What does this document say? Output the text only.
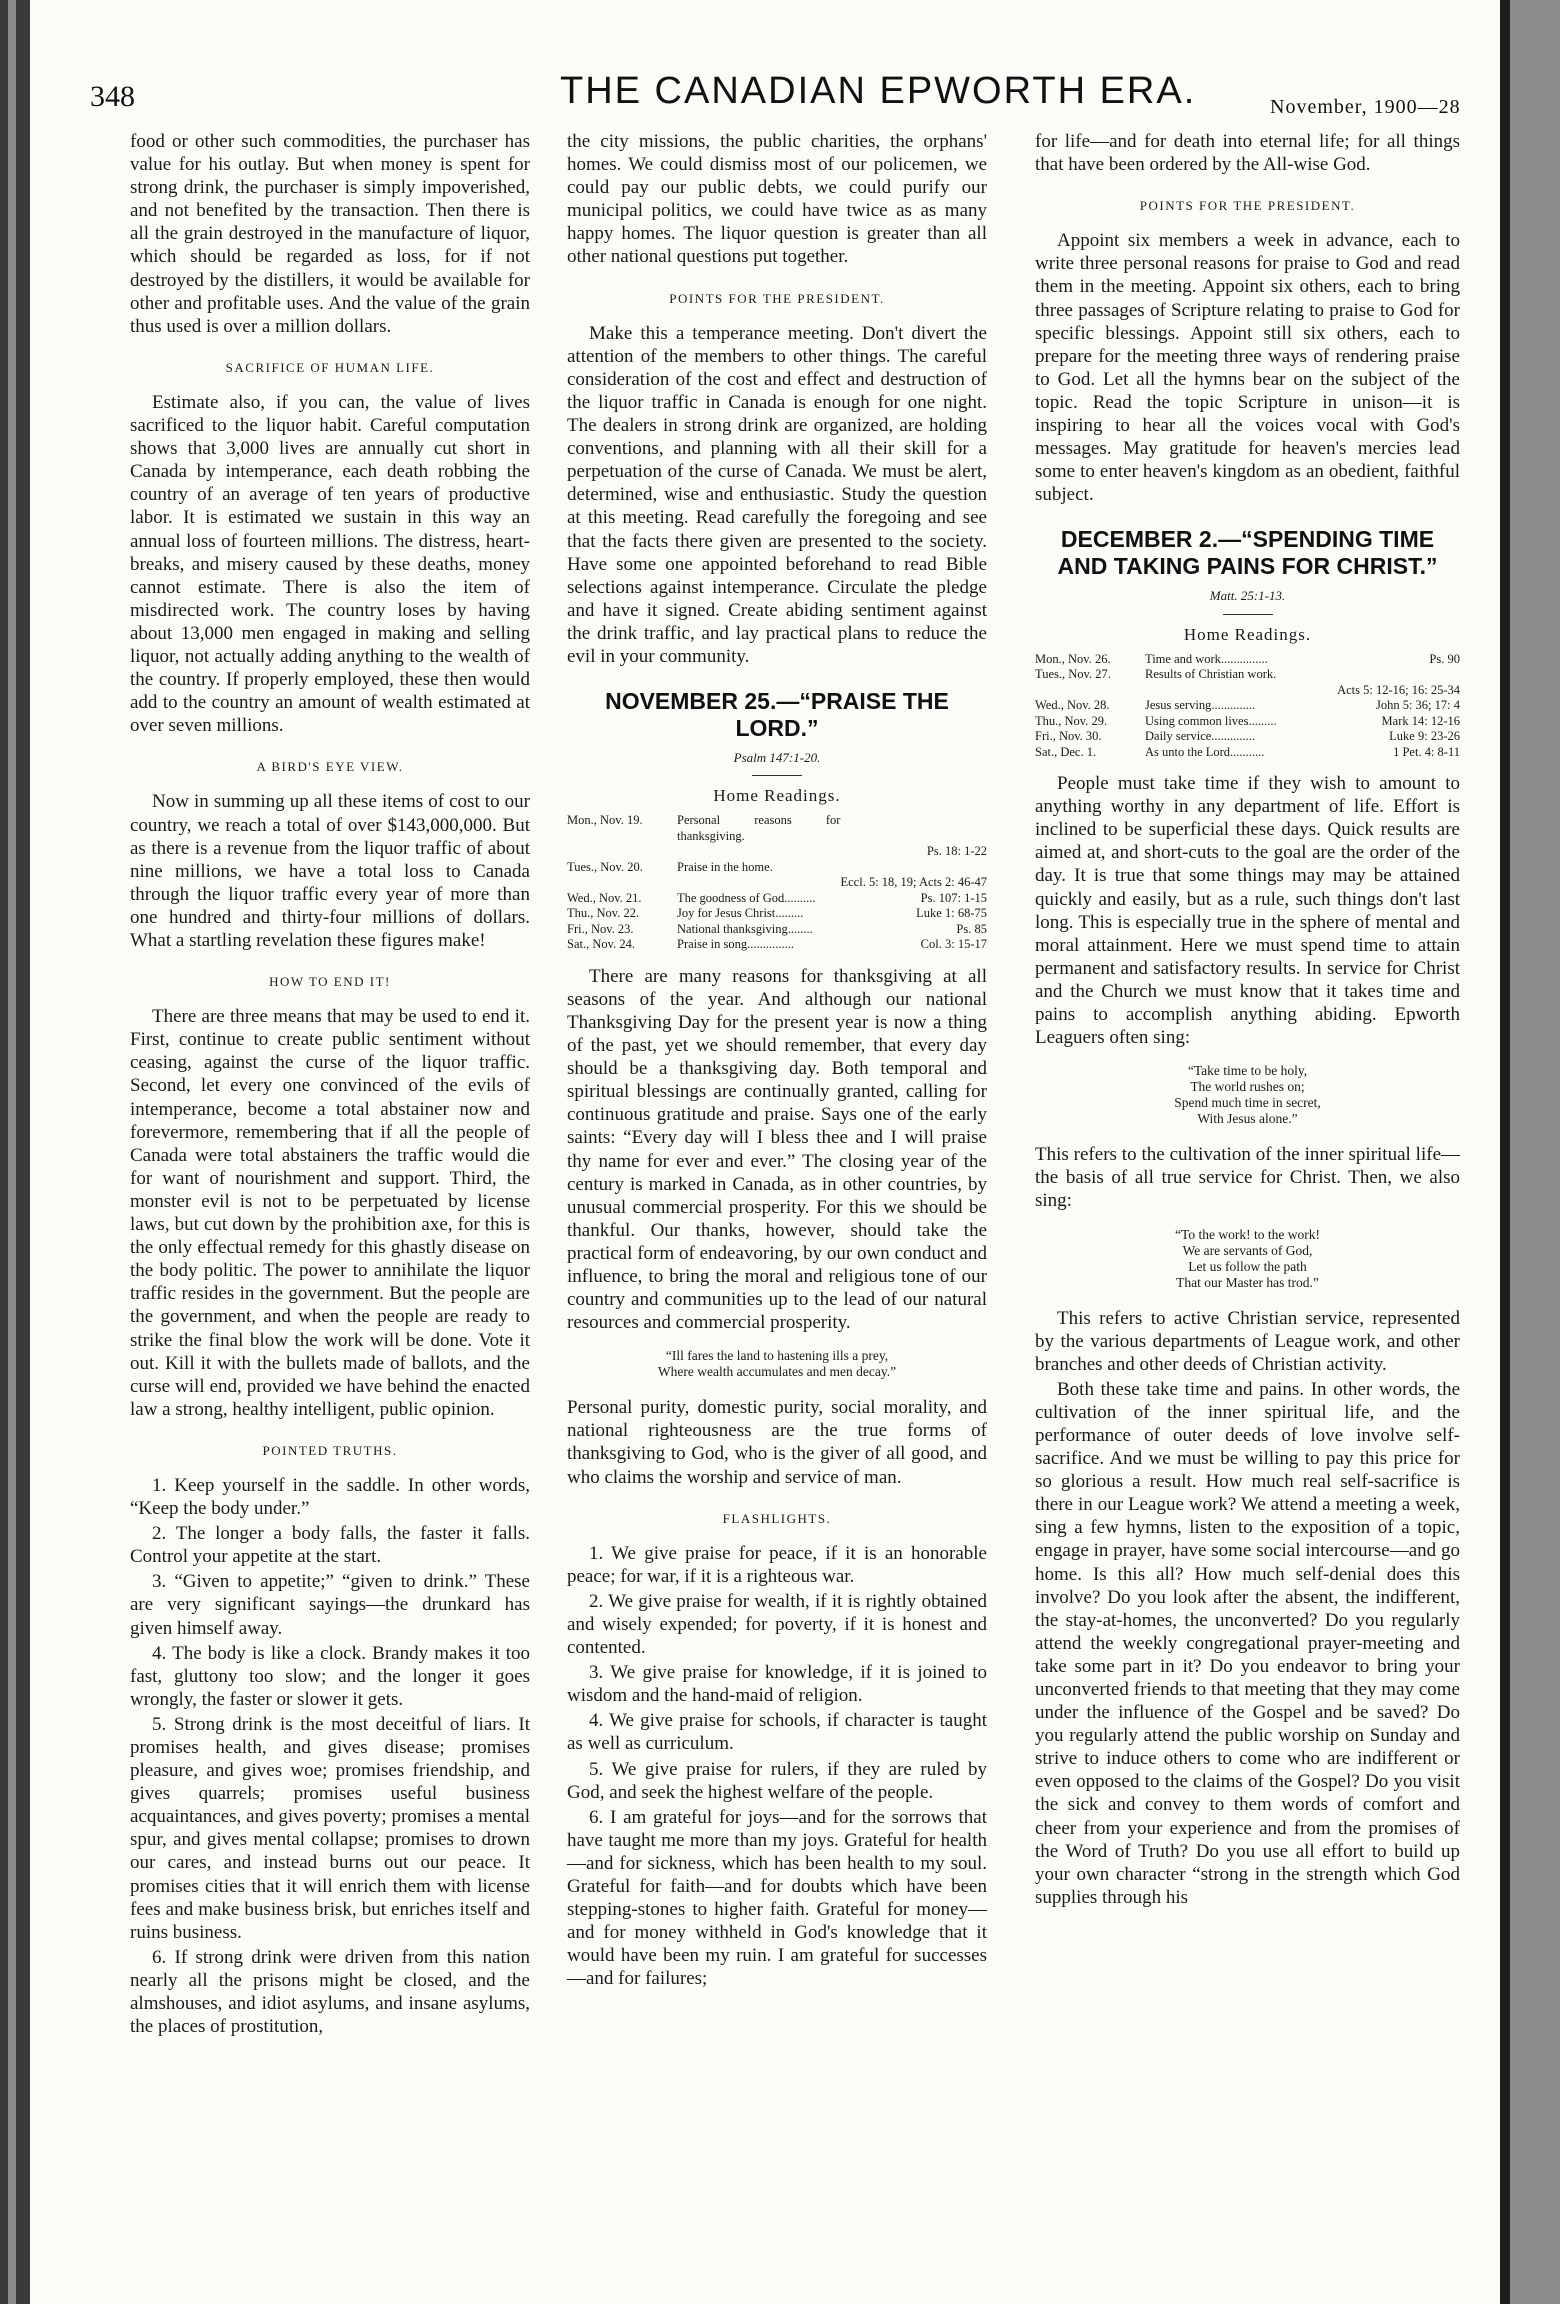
348	THE CANADIAN EPWORTH ERA.	November, 1900—28

food or other such commodities, the purchaser has value for his outlay. But when money is spent for strong drink, the purchaser is simply impoverished, and not benefited by the transaction. Then there is all the grain destroyed in the manufacture of liquor, which should be regarded as loss, for if not destroyed by the distillers, it would be available for other and profitable uses. And the value of the grain thus used is over a million dollars.

SACRIFICE OF HUMAN LIFE.

Estimate also, if you can, the value of lives sacrificed to the liquor habit. Careful computation shows that 3,000 lives are annually cut short in Canada by intemperance, each death robbing the country of an average of ten years of productive labor. It is estimated we sustain in this way an annual loss of fourteen millions. The distress, heart-breaks, and misery caused by these deaths, money cannot estimate. There is also the item of misdirected work. The country loses by having about 13,000 men engaged in making and selling liquor, not actually adding anything to the wealth of the country. If properly employed, these then would add to the country an amount of wealth estimated at over seven millions.

A BIRD'S EYE VIEW.

Now in summing up all these items of cost to our country, we reach a total of over $143,000,000. But as there is a revenue from the liquor traffic of about nine millions, we have a total loss to Canada through the liquor traffic every year of more than one hundred and thirty-four millions of dollars. What a startling revelation these figures make!

HOW TO END IT!

There are three means that may be used to end it. First, continue to create public sentiment without ceasing, against the curse of the liquor traffic. Second, let every one convinced of the evils of intemperance, become a total abstainer now and forevermore, remembering that if all the people of Canada were total abstainers the traffic would die for want of nourishment and support. Third, the monster evil is not to be perpetuated by license laws, but cut down by the prohibition axe, for this is the only effectual remedy for this ghastly disease on the body politic. The power to annihilate the liquor traffic resides in the government. But the people are the government, and when the people are ready to strike the final blow the work will be done. Vote it out. Kill it with the bullets made of ballots, and the curse will end, provided we have behind the enacted law a strong, healthy intelligent, public opinion.

POINTED TRUTHS.

1. Keep yourself in the saddle. In other words, “Keep the body under.”

2. The longer a body falls, the faster it falls. Control your appetite at the start.

3. “Given to appetite;” “given to drink.” These are very significant sayings—the drunkard has given himself away.

4. The body is like a clock. Brandy makes it too fast, gluttony too slow; and the longer it goes wrongly, the faster or slower it gets.

5. Strong drink is the most deceitful of liars. It promises health, and gives disease; promises pleasure, and gives woe; promises friendship, and gives quarrels; promises useful business acquaintances, and gives poverty; promises a mental spur, and gives mental collapse; promises to drown our cares, and instead burns out our peace. It promises cities that it will enrich them with license fees and make business brisk, but enriches itself and ruins business.

6. If strong drink were driven from this nation nearly all the prisons might be closed, and the almshouses, and idiot asylums, and insane asylums, the places of prostitution,

the city missions, the public charities, the orphans' homes. We could dismiss most of our policemen, we could pay our public debts, we could purify our municipal politics, we could have twice as as many happy homes. The liquor question is greater than all other national questions put together.

POINTS FOR THE PRESIDENT.

Make this a temperance meeting. Don't divert the attention of the members to other things. The careful consideration of the cost and effect and destruction of the liquor traffic in Canada is enough for one night. The dealers in strong drink are organized, are holding conventions, and planning with all their skill for a perpetuation of the curse of Canada. We must be alert, determined, wise and enthusiastic. Study the question at this meeting. Read carefully the foregoing and see that the facts there given are presented to the society. Have some one appointed beforehand to read Bible selections against intemperance. Circulate the pledge and have it signed. Create abiding sentiment against the drink traffic, and lay practical plans to reduce the evil in your community.

NOVEMBER 25.—“PRAISE THE LORD.”
Psalm 147:1-20.
Home Readings.
Mon., Nov. 19.	Personal reasons for thanksgiving.	
		Ps. 18: 1-22
Tues., Nov. 20.	Praise in the home.	
		Eccl. 5: 18, 19; Acts 2: 46-47
Wed., Nov. 21.	The goodness of God..........	Ps. 107: 1-15
Thu., Nov. 22.	Joy for Jesus Christ.........	Luke 1: 68-75
Fri., Nov. 23.	National thanksgiving........	Ps. 85
Sat., Nov. 24.	Praise in song...............	Col. 3: 15-17

There are many reasons for thanksgiving at all seasons of the year. And although our national Thanksgiving Day for the present year is now a thing of the past, yet we should remember, that every day should be a thanksgiving day. Both temporal and spiritual blessings are continually granted, calling for continuous gratitude and praise. Says one of the early saints: “Every day will I bless thee and I will praise thy name for ever and ever.” The closing year of the century is marked in Canada, as in other countries, by unusual commercial prosperity. For this we should be thankful. Our thanks, however, should take the practical form of endeavoring, by our own conduct and influence, to bring the moral and religious tone of our country and communities up to the lead of our natural resources and commercial prosperity.

“Ill fares the land to hastening ills a prey,
Where wealth accumulates and men decay.”

Personal purity, domestic purity, social morality, and national righteousness are the true forms of thanksgiving to God, who is the giver of all good, and who claims the worship and service of man.

FLASHLIGHTS.

1. We give praise for peace, if it is an honorable peace; for war, if it is a righteous war.

2. We give praise for wealth, if it is rightly obtained and wisely expended; for poverty, if it is honest and contented.

3. We give praise for knowledge, if it is joined to wisdom and the hand-maid of religion.

4. We give praise for schools, if character is taught as well as curriculum.

5. We give praise for rulers, if they are ruled by God, and seek the highest welfare of the people.

6. I am grateful for joys—and for the sorrows that have taught me more than my joys. Grateful for health—and for sickness, which has been health to my soul. Grateful for faith—and for doubts which have been stepping-stones to higher faith. Grateful for money—and for money withheld in God's knowledge that it would have been my ruin. I am grateful for successes—and for failures;

for life—and for death into eternal life; for all things that have been ordered by the All-wise God.

POINTS FOR THE PRESIDENT.

Appoint six members a week in advance, each to write three personal reasons for praise to God and read them in the meeting. Appoint six others, each to bring three passages of Scripture relating to praise to God for specific blessings. Appoint still six others, each to prepare for the meeting three ways of rendering praise to God. Let all the hymns bear on the subject of the topic. Read the topic Scripture in unison—it is inspiring to hear all the voices vocal with God's messages. May gratitude for heaven's mercies lead some to enter heaven's kingdom as an obedient, faithful subject.

DECEMBER 2.—“SPENDING TIME AND TAKING PAINS FOR CHRIST.”
Matt. 25:1-13.
Home Readings.
Mon., Nov. 26.	Time and work...............	Ps. 90
Tues., Nov. 27.	Results of Christian work.	
		Acts 5: 12-16; 16: 25-34
Wed., Nov. 28.	Jesus serving..............	John 5: 36; 17: 4
Thu., Nov. 29.	Using common lives.........	Mark 14: 12-16
Fri., Nov. 30.	Daily service..............	Luke 9: 23-26
Sat., Dec. 1.	As unto the Lord...........	1 Pet. 4: 8-11

People must take time if they wish to amount to anything worthy in any department of life. Effort is inclined to be superficial these days. Quick results are aimed at, and short-cuts to the goal are the order of the day. It is true that some things may may be attained quickly and easily, but as a rule, such things don't last long. This is especially true in the sphere of mental and moral attainment. Here we must spend time to attain permanent and satisfactory results. In service for Christ and the Church we must know that it takes time and pains to accomplish anything abiding. Epworth Leaguers often sing:

“Take time to be holy,
The world rushes on;
Spend much time in secret,
With Jesus alone.”

This refers to the cultivation of the inner spiritual life—the basis of all true service for Christ. Then, we also sing:

“To the work! to the work!
We are servants of God,
Let us follow the path
That our Master has trod.”

This refers to active Christian service, represented by the various departments of League work, and other branches and other deeds of Christian activity.

Both these take time and pains. In other words, the cultivation of the inner spiritual life, and the performance of outer deeds of love involve self-sacrifice. And we must be willing to pay this price for so glorious a result. How much real self-sacrifice is there in our League work? We attend a meeting a week, sing a few hymns, listen to the exposition of a topic, engage in prayer, have some social intercourse—and go home. Is this all? How much self-denial does this involve? Do you look after the absent, the indifferent, the stay-at-homes, the unconverted? Do you regularly attend the weekly congregational prayer-meeting and take some part in it? Do you endeavor to bring your unconverted friends to that meeting that they may come under the influence of the Gospel and be saved? Do you regularly attend the public worship on Sunday and strive to induce others to come who are indifferent or even opposed to the claims of the Gospel? Do you visit the sick and convey to them words of comfort and cheer from your experience and from the promises of the Word of Truth? Do you use all effort to build up your own character “strong in the strength which God supplies through his
